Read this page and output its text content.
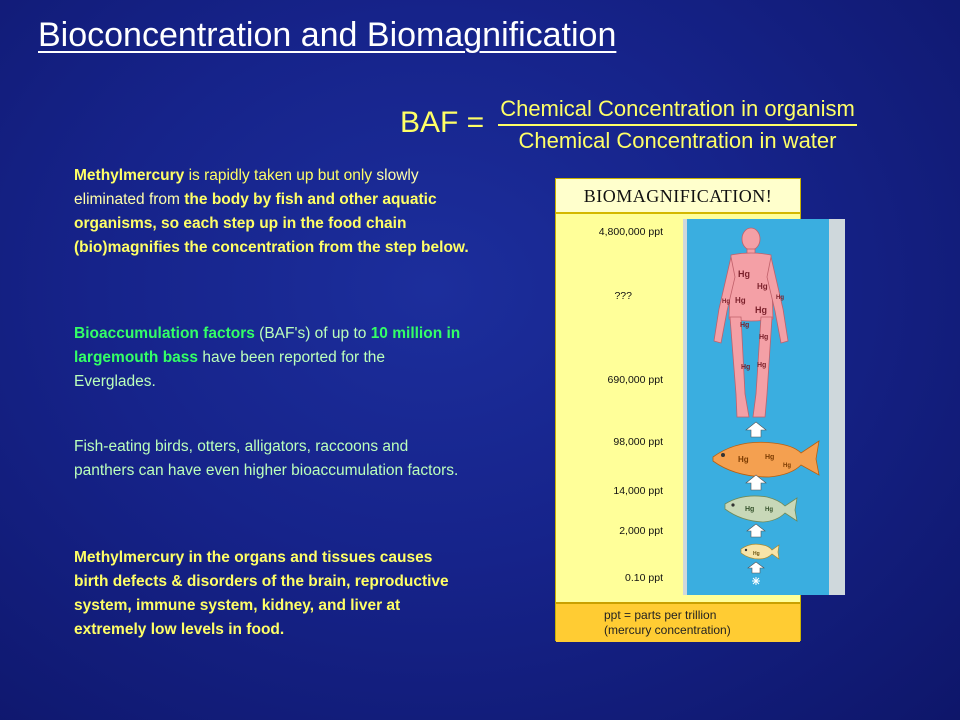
Bioconcentration and Biomagnification
BAF = $\frac{\text{Chemical Concentration in organism}}{\text{Chemical Concentration in water}}$

Methylmercury is rapidly taken up but only slowly eliminated from the body by fish and other aquatic organisms, so each step up in the food chain (bio)magnifies the concentration from the step below.

Bioaccumulation factors (BAF's) of up to 10 million in largemouth bass have been reported for the Everglades.

Fish-eating birds, otters, alligators, raccoons and panthers can have even higher bioaccumulation factors.

Methylmercury in the organs and tissues causes birth defects & disorders of the brain, reproductive system, immune system, kidney, and liver at extremely low levels in food.

BIOMAGNIFICATION!
4,800,000 ppt
???
690,000 ppt
98,000 ppt
14,000 ppt
2,000 ppt
0.10 ppt
Hg
Hg
Hg
Hg
Hg
Hg
Hg
Hg
Hg Hg
Hg Hg
Hg
Hg Hg
Hg
ppt = parts per trillion
(mercury concentration)
